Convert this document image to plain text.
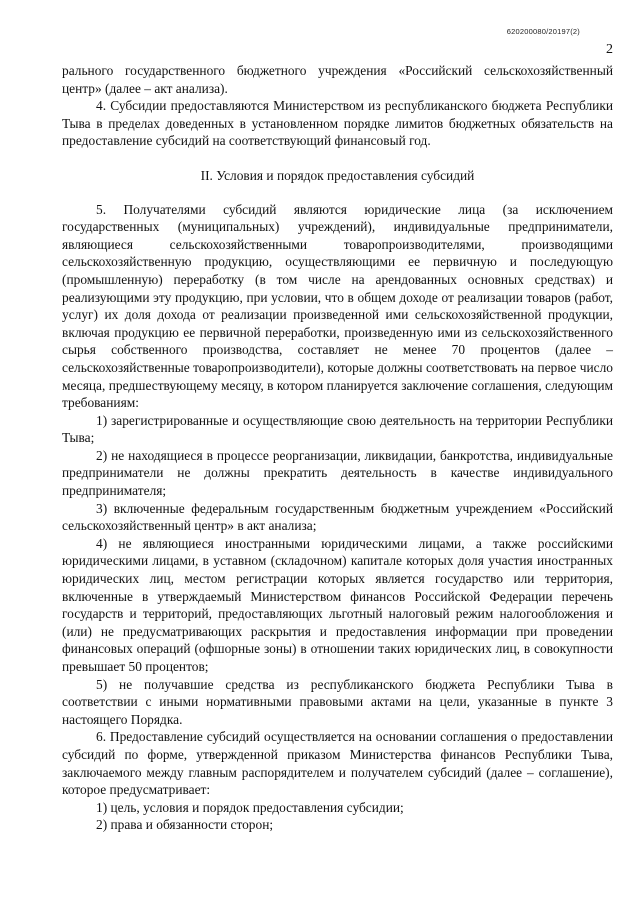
620200080/20197(2)
2

рального государственного бюджетного учреждения «Российский сельскохозяйственный центр» (далее – акт анализа).

4. Субсидии предоставляются Министерством из республиканского бюджета Республики Тыва в пределах доведенных в установленном порядке лимитов бюджетных обязательств на предоставление субсидий на соответствующий финансовый год.

II. Условия и порядок предоставления субсидий

5. Получателями субсидий являются юридические лица (за исключением государственных (муниципальных) учреждений), индивидуальные предприниматели, являющиеся сельскохозяйственными товаропроизводителями, производящими сельскохозяйственную продукцию, осуществляющими ее первичную и последующую (промышленную) переработку (в том числе на арендованных основных средствах) и реализующими эту продукцию, при условии, что в общем доходе от реализации товаров (работ, услуг) их доля дохода от реализации произведенной ими сельскохозяйственной продукции, включая продукцию ее первичной переработки, произведенную ими из сельскохозяйственного сырья собственного производства, составляет не менее 70 процентов (далее – сельскохозяйственные товаропроизводители), которые должны соответствовать на первое число месяца, предшествующему месяцу, в котором планируется заключение соглашения, следующим требованиям:

1) зарегистрированные и осуществляющие свою деятельность на территории Республики Тыва;

2) не находящиеся в процессе реорганизации, ликвидации, банкротства, индивидуальные предприниматели не должны прекратить деятельность в качестве индивидуального предпринимателя;

3) включенные федеральным государственным бюджетным учреждением «Российский сельскохозяйственный центр» в акт анализа;

4) не являющиеся иностранными юридическими лицами, а также российскими юридическими лицами, в уставном (складочном) капитале которых доля участия иностранных юридических лиц, местом регистрации которых является государство или территория, включенные в утверждаемый Министерством финансов Российской Федерации перечень государств и территорий, предоставляющих льготный налоговый режим налогообложения и (или) не предусматривающих раскрытия и предоставления информации при проведении финансовых операций (офшорные зоны) в отношении таких юридических лиц, в совокупности превышает 50 процентов;

5) не получавшие средства из республиканского бюджета Республики Тыва в соответствии с иными нормативными правовыми актами на цели, указанные в пункте 3 настоящего Порядка.

6. Предоставление субсидий осуществляется на основании соглашения о предоставлении субсидий по форме, утвержденной приказом Министерства финансов Республики Тыва, заключаемого между главным распорядителем и получателем субсидий (далее – соглашение), которое предусматривает:

1) цель, условия и порядок предоставления субсидии;

2) права и обязанности сторон;
